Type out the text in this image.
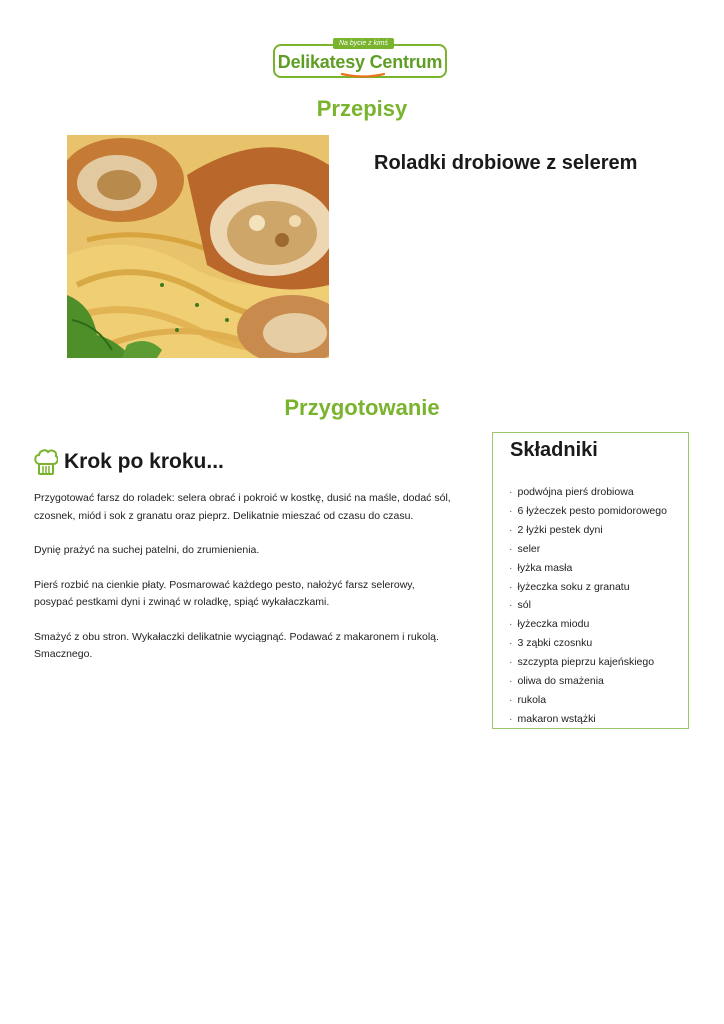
Na bycie z kimś
Delikatesy Centrum
Przepisy
Roladki drobiowe z selerem
Przygotowanie
Krok po kroku...

Przygotować farsz do roladek: selera obrać i pokroić w kostkę, dusić na maśle, dodać sól, czosnek, miód i sok z granatu oraz pieprz. Delikatnie mieszać od czasu do czasu.

Dynię prażyć na suchej patelni, do zrumienienia.

Pierś rozbić na cienkie płaty. Posmarować każdego pesto, nałożyć farsz selerowy, posypać pestkami dyni i zwinąć w roladkę, spiąć wykałaczkami.

Smażyć z obu stron. Wykałaczki delikatnie wyciągnąć. Podawać z makaronem i rukolą. Smacznego.

Składniki
· podwójna pierś drobiowa
· 6 łyżeczek pesto pomidorowego
· 2 łyżki pestek dyni
· seler
· łyżka masła
· łyżeczka soku z granatu
· sól
· łyżeczka miodu
· 3 ząbki czosnku
· szczypta pieprzu kajeńskiego
· oliwa do smażenia
· rukola
· makaron wstążki
